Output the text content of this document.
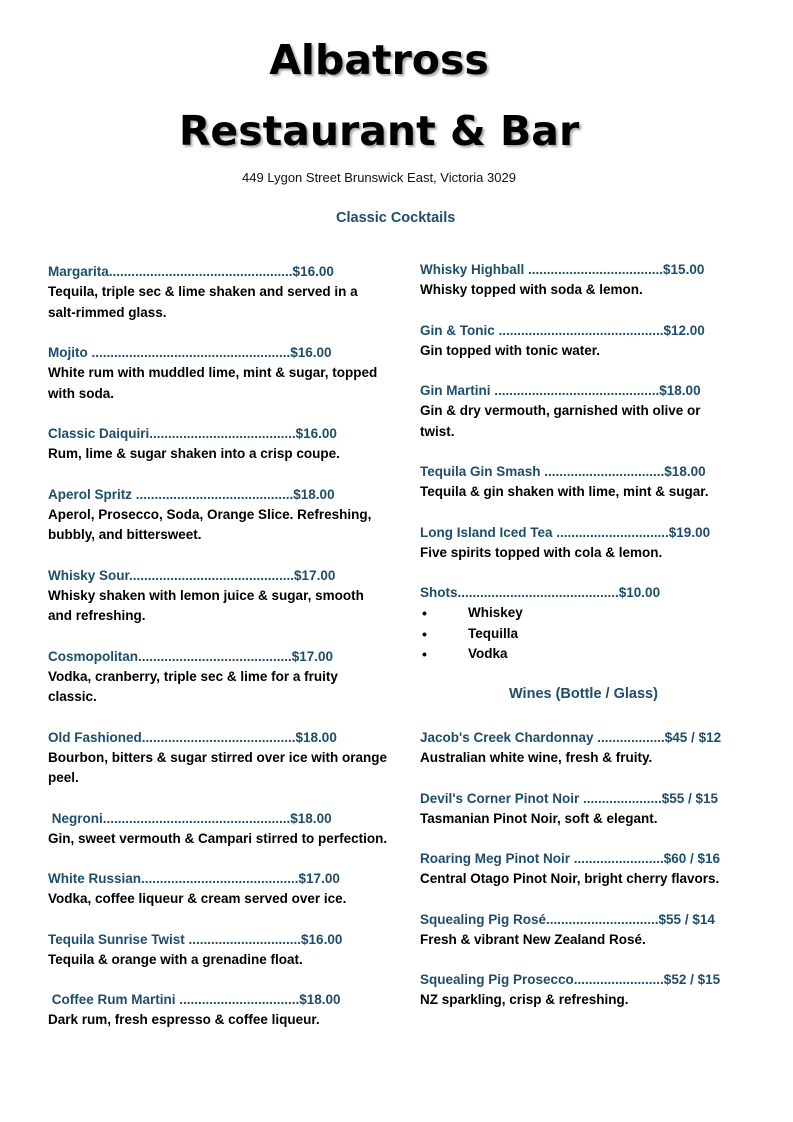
Albatross
Restaurant & Bar
449 Lygon Street Brunswick East, Victoria 3029
Classic Cocktails
Margarita.................................................$16.00
Tequila, triple sec & lime shaken and served in a salt-rimmed glass.
Mojito .....................................................$16.00
White rum with muddled lime, mint & sugar, topped with soda.
Classic Daiquiri.......................................$16.00
Rum, lime & sugar shaken into a crisp coupe.
Aperol Spritz ..........................................$18.00
Aperol, Prosecco, Soda, Orange Slice. Refreshing, bubbly, and bittersweet.
Whisky Sour............................................$17.00
Whisky shaken with lemon juice & sugar, smooth and refreshing.
Cosmopolitan.........................................$17.00
Vodka, cranberry, triple sec & lime for a fruity classic.
Old Fashioned.........................................$18.00
Bourbon, bitters & sugar stirred over ice with orange peel.
Negroni..................................................$18.00
Gin, sweet vermouth & Campari stirred to perfection.
White Russian..........................................$17.00
Vodka, coffee liqueur & cream served over ice.
Tequila Sunrise Twist ..............................$16.00
Tequila & orange with a grenadine float.
Coffee Rum Martini ................................$18.00
Dark rum, fresh espresso & coffee liqueur.
Whisky Highball ....................................$15.00
Whisky topped with soda & lemon.
Gin & Tonic ............................................$12.00
Gin topped with tonic water.
Gin Martini ............................................$18.00
Gin & dry vermouth, garnished with olive or twist.
Tequila Gin Smash ................................$18.00
Tequila & gin shaken with lime, mint & sugar.
Long Island Iced Tea ..............................$19.00
Five spirits topped with cola & lemon.
Shots...........................................$10.00
• Whiskey
• Tequilla
• Vodka
Wines (Bottle / Glass)
Jacob's Creek Chardonnay ..................$45 / $12
Australian white wine, fresh & fruity.
Devil's Corner Pinot Noir .....................$55 / $15
Tasmanian Pinot Noir, soft & elegant.
Roaring Meg Pinot Noir ........................$60 / $16
Central Otago Pinot Noir, bright cherry flavors.
Squealing Pig Rosé..............................$55 / $14
Fresh & vibrant New Zealand Rosé.
Squealing Pig Prosecco........................$52 / $15
NZ sparkling, crisp & refreshing.
